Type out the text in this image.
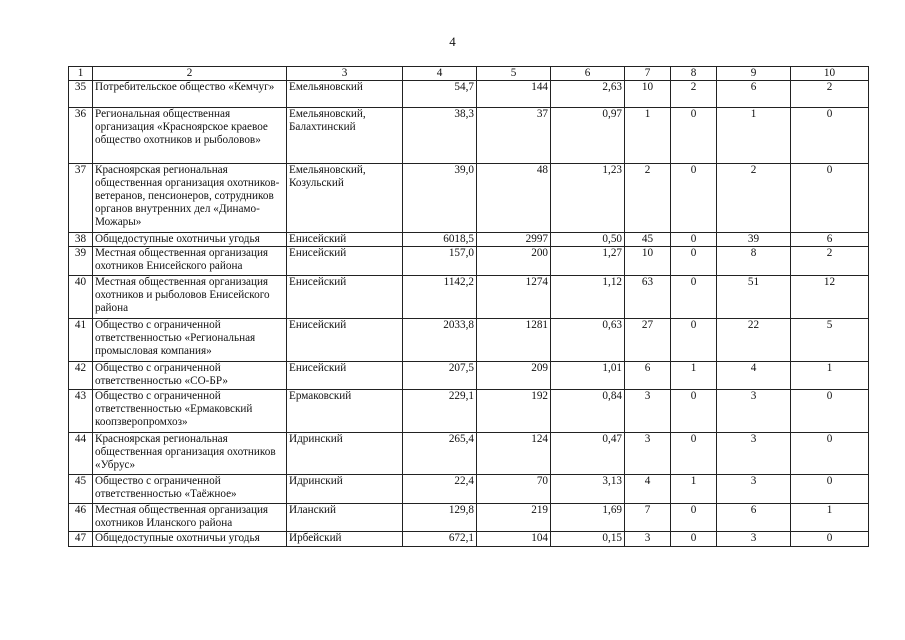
4
1	2	3	4	5	6	7	8	9	10
35	Потребительское общество «Кемчуг»	Емельяновский	54,7	144	2,63	10	2	6	2
36	Региональная общественная организация «Красноярское краевое общество охотников и рыболовов»	Емельяновский, Балахтинский	38,3	37	0,97	1	0	1	0
37	Красноярская региональная общественная организация охотников-ветеранов, пенсионеров, сотрудников органов внутренних дел «Динамо-Можары»	Емельяновский, Козульский	39,0	48	1,23	2	0	2	0
38	Общедоступные охотничьи угодья	Енисейский	6018,5	2997	0,50	45	0	39	6
39	Местная общественная организация охотников Енисейского района	Енисейский	157,0	200	1,27	10	0	8	2
40	Местная общественная организация охотников и рыболовов Енисейского района	Енисейский	1142,2	1274	1,12	63	0	51	12
41	Общество с ограниченной ответственностью «Региональная промысловая компания»	Енисейский	2033,8	1281	0,63	27	0	22	5
42	Общество с ограниченной ответственностью «СО-БР»	Енисейский	207,5	209	1,01	6	1	4	1
43	Общество с ограниченной ответственностью «Ермаковский коопзверопромхоз»	Ермаковский	229,1	192	0,84	3	0	3	0
44	Красноярская региональная общественная организация охотников «Убрус»	Идринский	265,4	124	0,47	3	0	3	0
45	Общество с ограниченной ответственностью «Таёжное»	Идринский	22,4	70	3,13	4	1	3	0
46	Местная общественная организация охотников Иланского района	Иланский	129,8	219	1,69	7	0	6	1
47	Общедоступные охотничьи угодья	Ирбейский	672,1	104	0,15	3	0	3	0
